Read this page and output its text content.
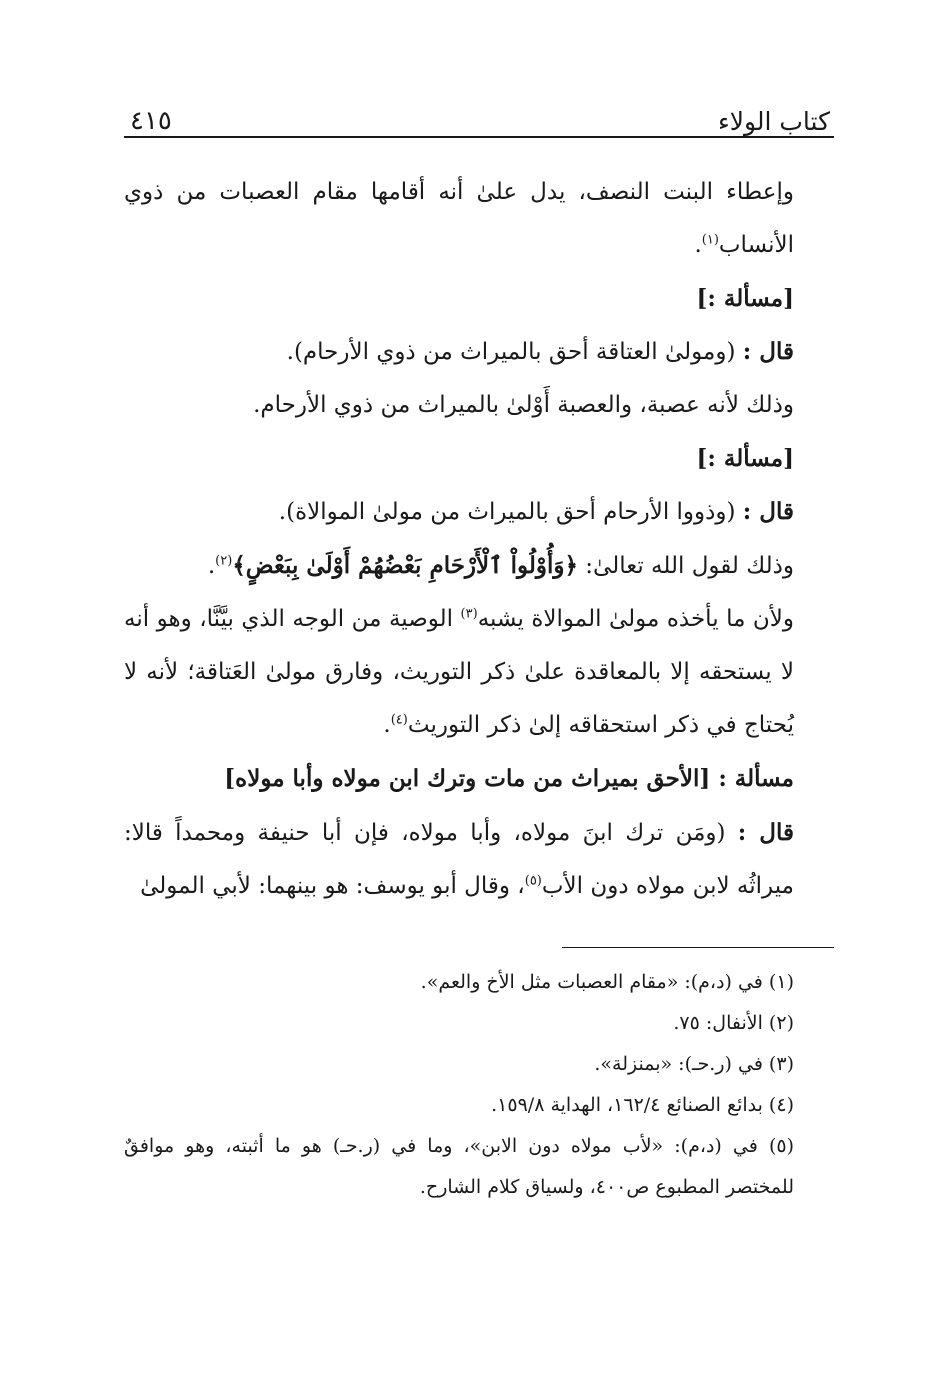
كتاب الولاء
٤١٥

وإعطاء البنت النصف، يدل علىٰ أنه أقامها مقام العصبات من ذوي الأنساب$^{(١)}$.

[مسألة :]

قال : (ومولىٰ العتاقة أحق بالميراث من ذوي الأرحام).

وذلك لأنه عصبة، والعصبة أَوْلىٰ بالميراث من ذوي الأرحام.

[مسألة :]

قال : (وذووا الأرحام أحق بالميراث من مولىٰ الموالاة).

وذلك لقول الله تعالىٰ: ﴿وَأُوْلُواْ ٱلْأَرْحَامِ بَعْضُهُمْ أَوْلَىٰ بِبَعْضٍ﴾$^{(٢)}$.

ولأن ما يأخذه مولىٰ الموالاة يشبه$^{(٣)}$ الوصية من الوجه الذي بيَّنَّا، وهو أنه لا يستحقه إلا بالمعاقدة علىٰ ذكر التوريث، وفارق مولىٰ العَتاقة؛ لأنه لا يُحتاج في ذكر استحقاقه إلىٰ ذكر التوريث$^{(٤)}$.

مسألة : [الأحق بميراث من مات وترك ابن مولاه وأبا مولاه]

قال : (ومَن ترك ابنَ مولاه، وأبا مولاه، فإن أبا حنيفة ومحمداً قالا: ميراثُه لابن مولاه دون الأب$^{(٥)}$، وقال أبو يوسف: هو بينهما: لأبي المولىٰ

(١) في (د،م): «مقام العصبات مثل الأخ والعم».

(٢) الأنفال: ٧٥.

(٣) في (ر.حـ): «بمنزلة».

(٤) بدائع الصنائع ١٦٢/٤، الهداية ١٥٩/٨.

(٥) في (د،م): «لأب مولاه دون الابن»، وما في (ر.حـ) هو ما أثبته، وهو موافقٌ للمختصر المطبوع ص٤٠٠، ولسياق كلام الشارح.
